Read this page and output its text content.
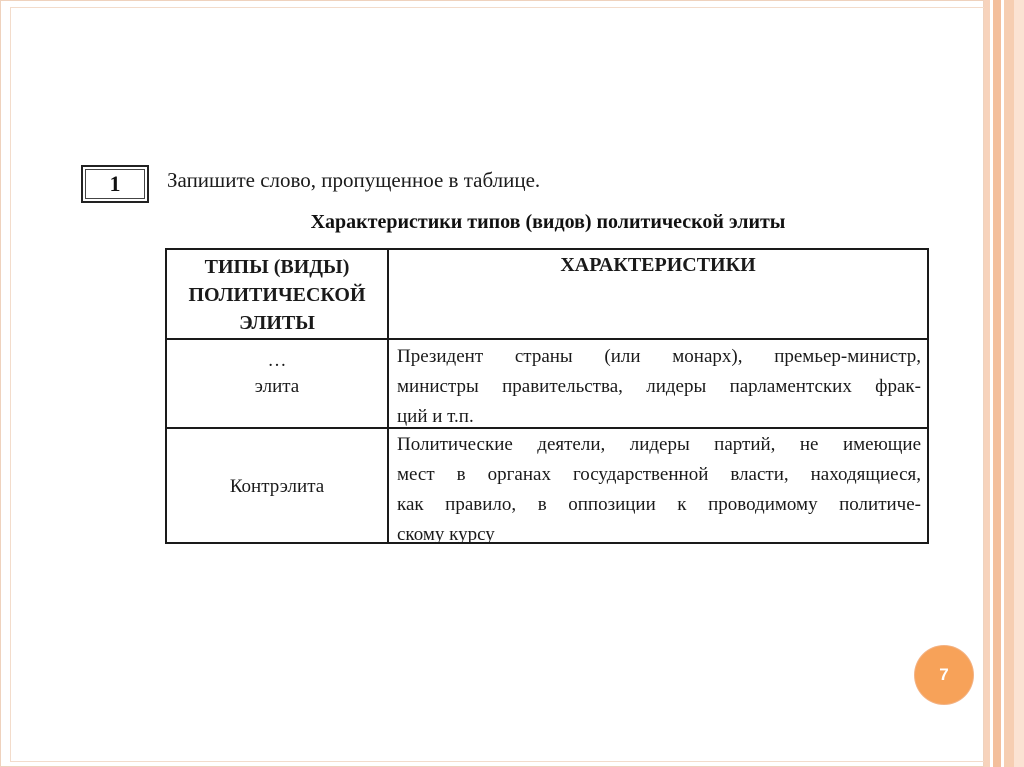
1 Запишите слово, пропущенное в таблице.
Характеристики типов (видов) политической элиты
ТИПЫ (ВИДЫ)
ПОЛИТИЧЕСКОЙ
ЭЛИТЫ
ХАРАКТЕРИСТИКИ
…
элита
Президент страны (или монарх), премьер-министр,
министры правительства, лидеры парламентских фрак-
ций и т.п.
Контрэлита
Политические деятели, лидеры партий, не имеющие
мест в органах государственной власти, находящиеся,
как правило, в оппозиции к проводимому политиче-
скому курсу
7
